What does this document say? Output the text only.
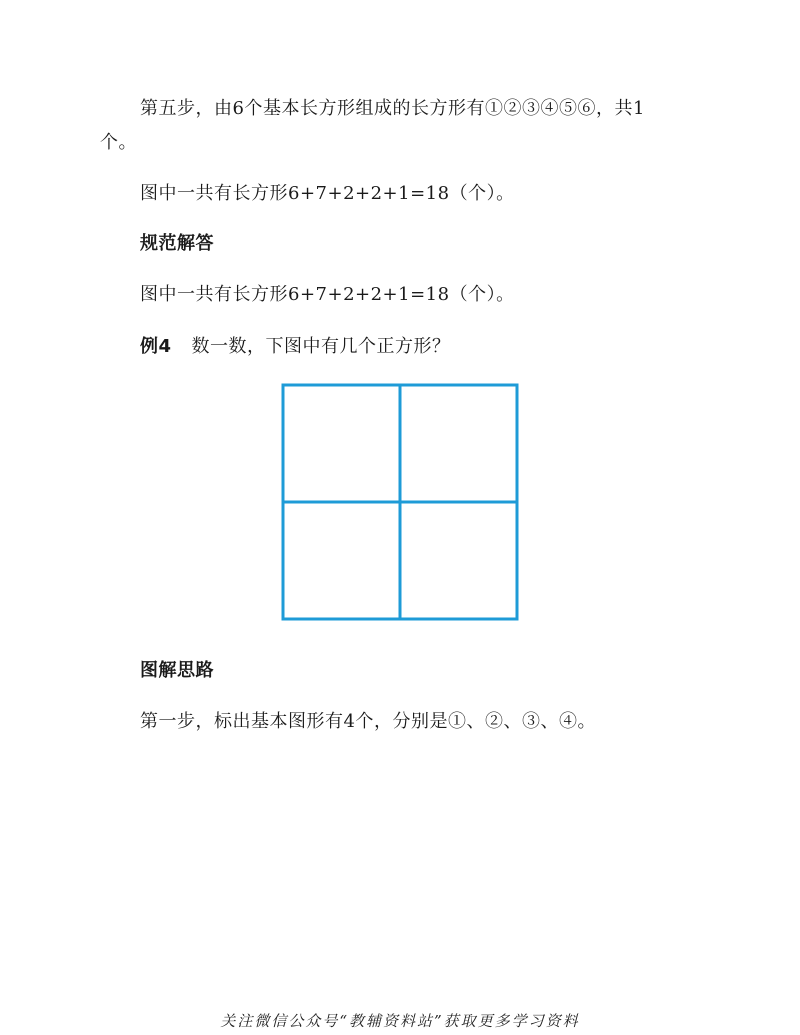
第五步，由6个基本长方形组成的长方形有①②③④⑤⑥，共1
个。
图中一共有长方形6+7+2+2+1=18（个）。
规范解答
图中一共有长方形6+7+2+2+1=18（个）。
例4 数一数，下图中有几个正方形？
图解思路
第一步，标出基本图形有4个，分别是①、②、③、④。
关注微信公众号“教辅资料站”获取更多学习资料
